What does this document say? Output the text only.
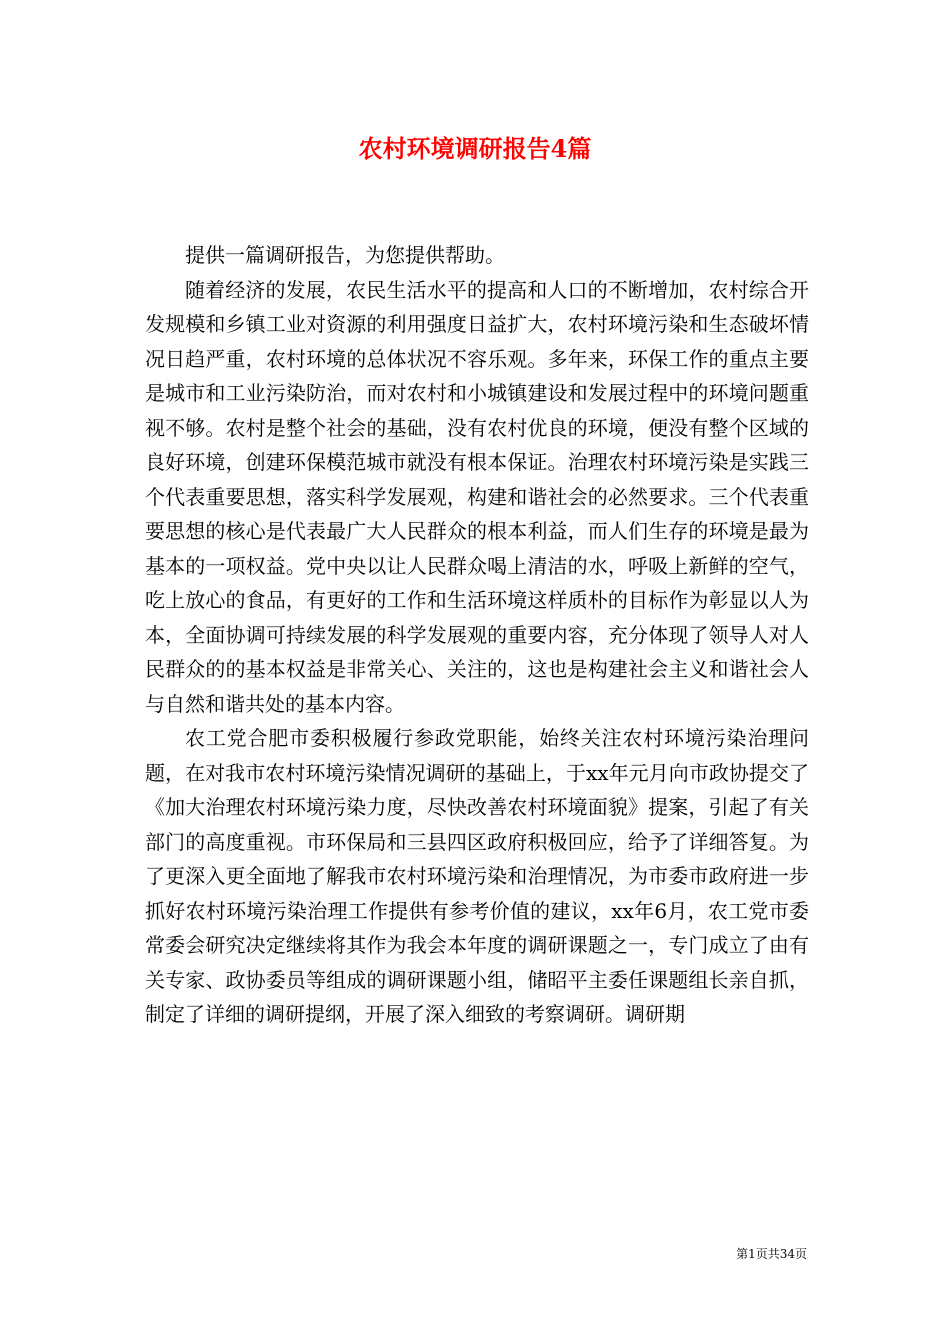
农村环境调研报告4篇

提供一篇调研报告，为您提供帮助。

随着经济的发展，农民生活水平的提高和人口的不断增加，农村综合开发规模和乡镇工业对资源的利用强度日益扩大，农村环境污染和生态破坏情况日趋严重，农村环境的总体状况不容乐观。多年来，环保工作的重点主要是城市和工业污染防治，而对农村和小城镇建设和发展过程中的环境问题重视不够。农村是整个社会的基础，没有农村优良的环境，便没有整个区域的良好环境，创建环保模范城市就没有根本保证。治理农村环境污染是实践三个代表重要思想，落实科学发展观，构建和谐社会的必然要求。三个代表重要思想的核心是代表最广大人民群众的根本利益，而人们生存的环境是最为基本的一项权益。党中央以让人民群众喝上清洁的水，呼吸上新鲜的空气，吃上放心的食品，有更好的工作和生活环境这样质朴的目标作为彰显以人为本，全面协调可持续发展的科学发展观的重要内容，充分体现了领导人对人民群众的的基本权益是非常关心、关注的，这也是构建社会主义和谐社会人与自然和谐共处的基本内容。

农工党合肥市委积极履行参政党职能，始终关注农村环境污染治理问题，在对我市农村环境污染情况调研的基础上，于xx年元月向市政协提交了《加大治理农村环境污染力度，尽快改善农村环境面貌》提案，引起了有关部门的高度重视。市环保局和三县四区政府积极回应，给予了详细答复。为了更深入更全面地了解我市农村环境污染和治理情况，为市委市政府进一步抓好农村环境污染治理工作提供有参考价值的建议，xx年6月，农工党市委常委会研究决定继续将其作为我会本年度的调研课题之一，专门成立了由有关专家、政协委员等组成的调研课题小组，储昭平主委任课题组长亲自抓，制定了详细的调研提纲，开展了深入细致的考察调研。调研期

第1页共34页
